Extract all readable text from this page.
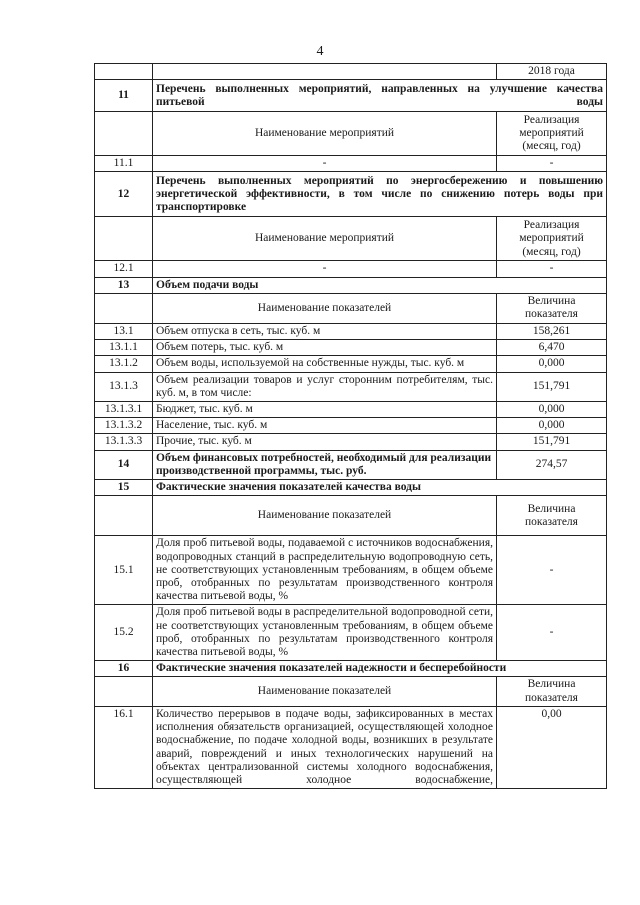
4
		2018 года
11	Перечень выполненных мероприятий, направленных на улучшение качества питьевой воды	
	Наименование мероприятий	Реализация мероприятий (месяц, год)
11.1	-	-
12	Перечень выполненных мероприятий по энергосбережению и повышению энергетической эффективности, в том числе по снижению потерь воды при транспортировке	
	Наименование мероприятий	Реализация мероприятий (месяц, год)
12.1	-	-
13	Объем подачи воды	
	Наименование показателей	Величина показателя
13.1	Объем отпуска в сеть, тыс. куб. м	158,261
13.1.1	Объем потерь, тыс. куб. м	6,470
13.1.2	Объем воды, используемой на собственные нужды, тыс. куб. м	0,000
13.1.3	Объем реализации товаров и услуг сторонним потребителям, тыс. куб. м, в том числе:	151,791
13.1.3.1	Бюджет, тыс. куб. м	0,000
13.1.3.2	Население, тыс. куб. м	0,000
13.1.3.3	Прочие, тыс. куб. м	151,791
14	Объем финансовых потребностей, необходимый для реализации производственной программы, тыс. руб.	274,57
15	Фактические значения показателей качества воды	
	Наименование показателей	Величина показателя
15.1	Доля проб питьевой воды, подаваемой с источников водоснабжения, водопроводных станций в распределительную водопроводную сеть, не соответствующих установленным требованиям, в общем объеме проб, отобранных по результатам производственного контроля качества питьевой воды, %	-
15.2	Доля проб питьевой воды в распределительной водопроводной сети, не соответствующих установленным требованиям, в общем объеме проб, отобранных по результатам производственного контроля качества питьевой воды, %	-
16	Фактические значения показателей надежности и бесперебойности	
	Наименование показателей	Величина показателя
16.1	Количество перерывов в подаче воды, зафиксированных в местах исполнения обязательств организацией, осуществляющей холодное водоснабжение, по подаче холодной воды, возникших в результате аварий, повреждений и иных технологических нарушений на объектах централизованной системы холодного водоснабжения, осуществляющей холодное водоснабжение,	0,00
